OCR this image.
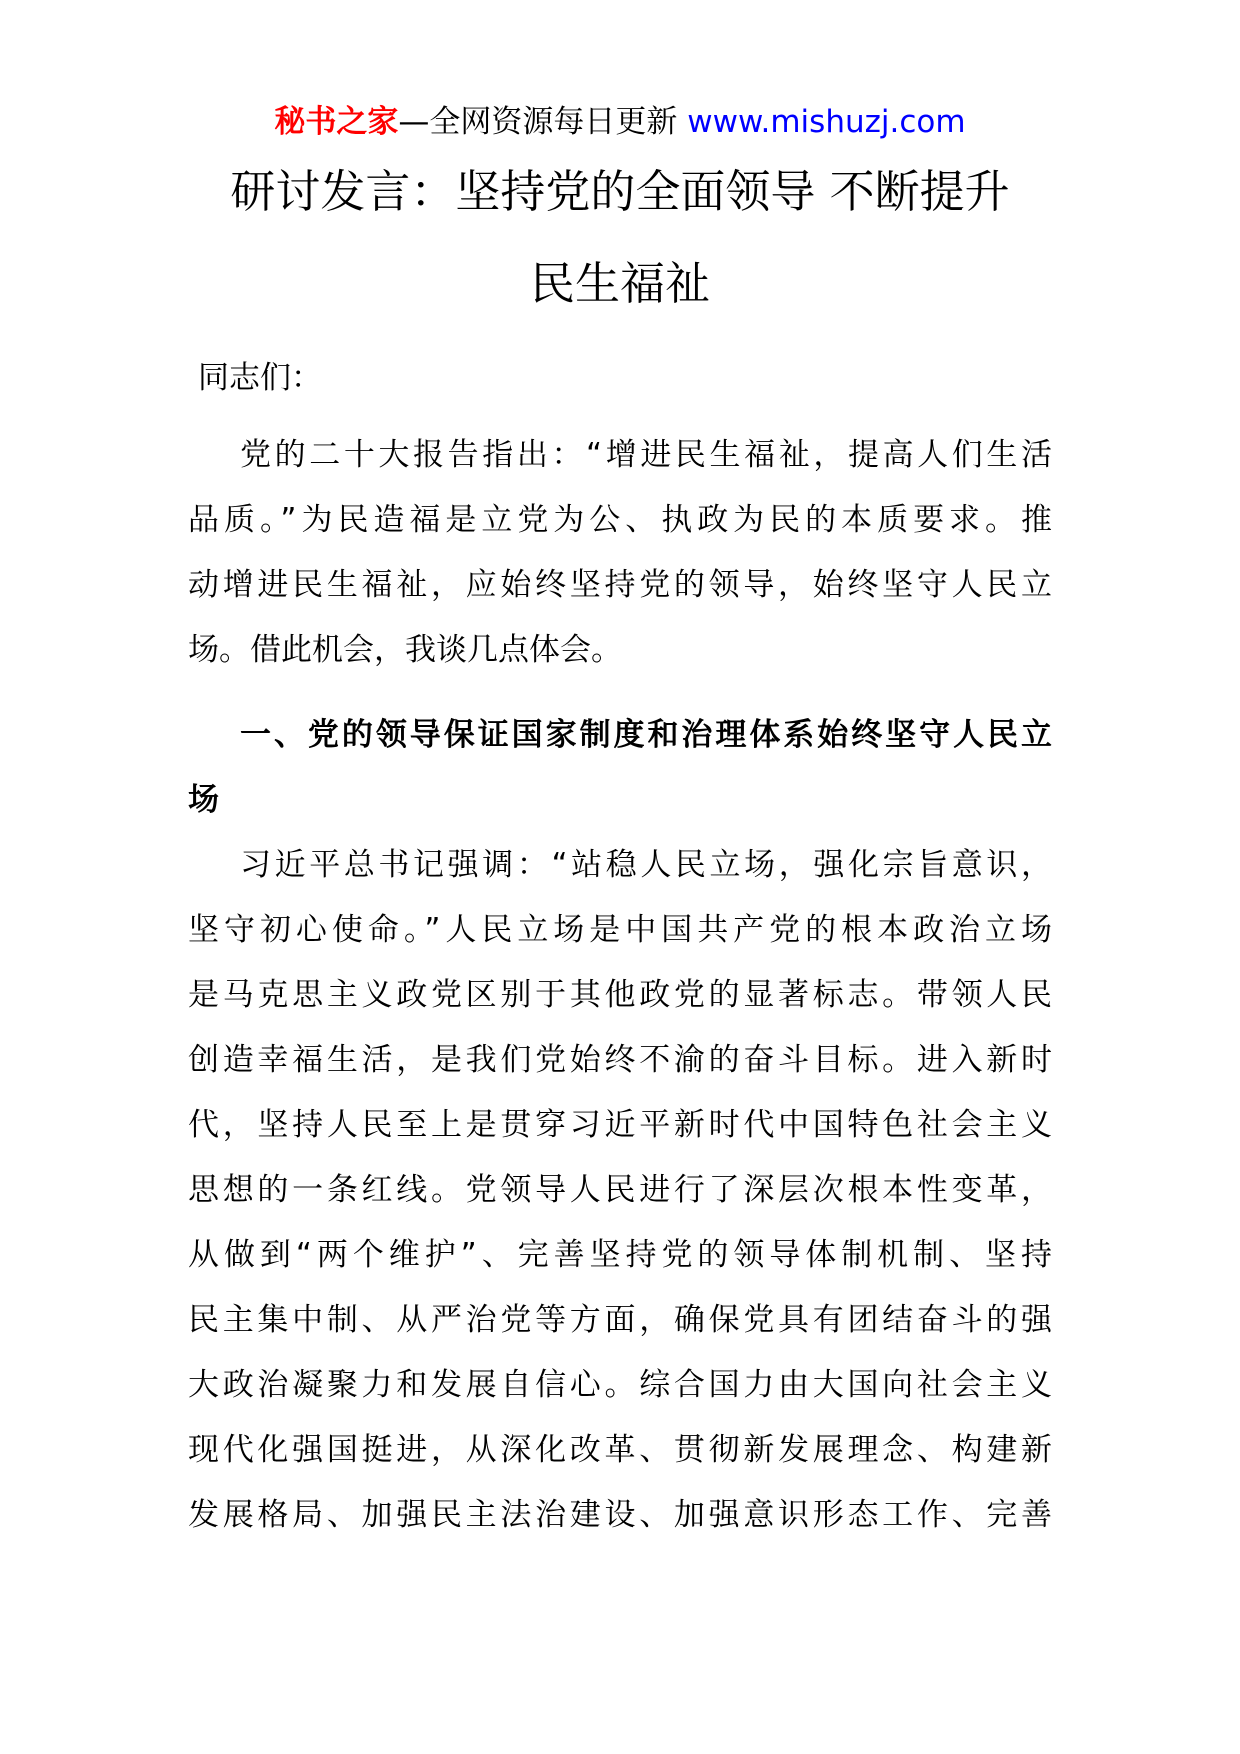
秘书之家—全网资源每日更新 www.mishuzj.com
研讨发言：坚持党的全面领导 不断提升
民生福祉
同志们：
党的二十大报告指出：“增进民生福祉，提高人们生活
品质。”为民造福是立党为公、执政为民的本质要求。推
动增进民生福祉，应始终坚持党的领导，始终坚守人民立
场。借此机会，我谈几点体会。
一、党的领导保证国家制度和治理体系始终坚守人民立
场
习近平总书记强调：“站稳人民立场，强化宗旨意识，
坚守初心使命。”人民立场是中国共产党的根本政治立场
是马克思主义政党区别于其他政党的显著标志。带领人民
创造幸福生活，是我们党始终不渝的奋斗目标。进入新时
代，坚持人民至上是贯穿习近平新时代中国特色社会主义
思想的一条红线。党领导人民进行了深层次根本性变革，
从做到“两个维护”、完善坚持党的领导体制机制、坚持
民主集中制、从严治党等方面，确保党具有团结奋斗的强
大政治凝聚力和发展自信心。综合国力由大国向社会主义
现代化强国挺进，从深化改革、贯彻新发展理念、构建新
发展格局、加强民主法治建设、加强意识形态工作、完善
